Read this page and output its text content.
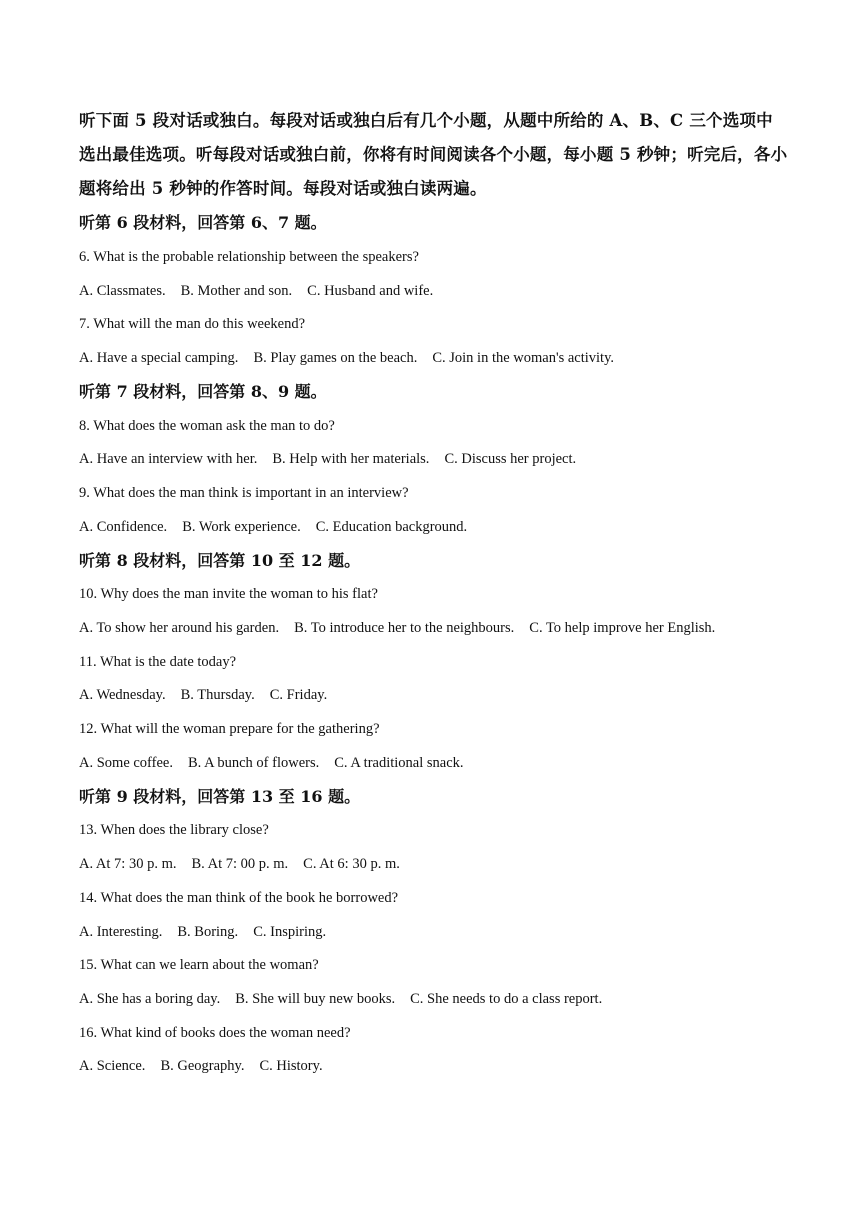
听下面 5 段对话或独白。每段对话或独白后有几个小题，从题中所给的 A、B、C 三个选项中选出最佳选项。听每段对话或独白前，你将有时间阅读各个小题，每小题 5 秒钟；听完后，各小题将给出 5 秒钟的作答时间。每段对话或独白读两遍。

听第 6 段材料，回答第 6、7 题。
6. What is the probable relationship between the speakers?
A. Classmates. B. Mother and son. C. Husband and wife.
7. What will the man do this weekend?
A. Have a special camping. B. Play games on the beach. C. Join in the woman's activity.
听第 7 段材料，回答第 8、9 题。
8. What does the woman ask the man to do?
A. Have an interview with her. B. Help with her materials. C. Discuss her project.
9. What does the man think is important in an interview?
A. Confidence. B. Work experience. C. Education background.
听第 8 段材料，回答第 10 至 12 题。
10. Why does the man invite the woman to his flat?
A. To show her around his garden. B. To introduce her to the neighbours. C. To help improve her English.
11. What is the date today?
A. Wednesday. B. Thursday. C. Friday.
12. What will the woman prepare for the gathering?
A. Some coffee. B. A bunch of flowers. C. A traditional snack.
听第 9 段材料，回答第 13 至 16 题。
13. When does the library close?
A. At 7: 30 p. m. B. At 7: 00 p. m. C. At 6: 30 p. m.
14. What does the man think of the book he borrowed?
A. Interesting. B. Boring. C. Inspiring.
15. What can we learn about the woman?
A. She has a boring day. B. She will buy new books. C. She needs to do a class report.
16. What kind of books does the woman need?
A. Science. B. Geography. C. History.
